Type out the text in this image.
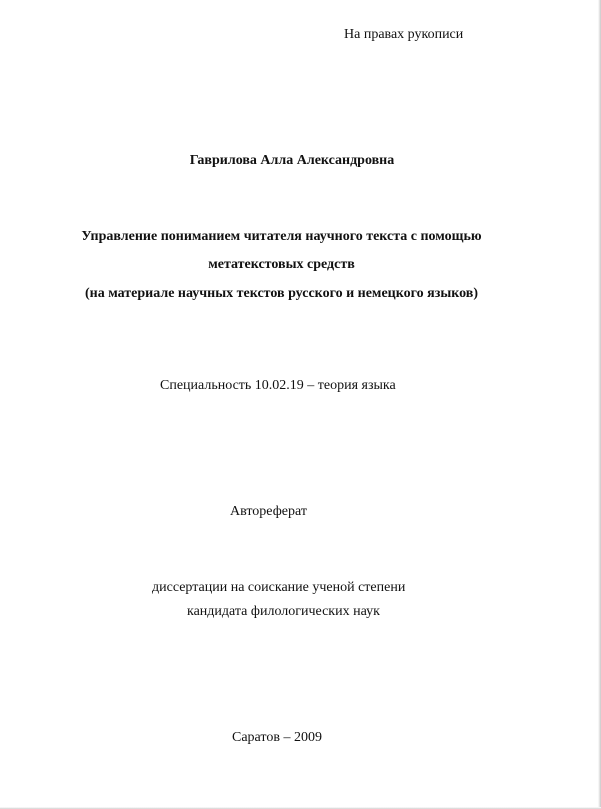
На правах рукописи
Гаврилова Алла Александровна
Управление пониманием читателя научного текста с помощью
метатекстовых средств
(на материале научных текстов русского и немецкого языков)
Специальность 10.02.19 – теория языка
Автореферат
диссертации на соискание ученой степени
кандидата филологических наук
Саратов – 2009
